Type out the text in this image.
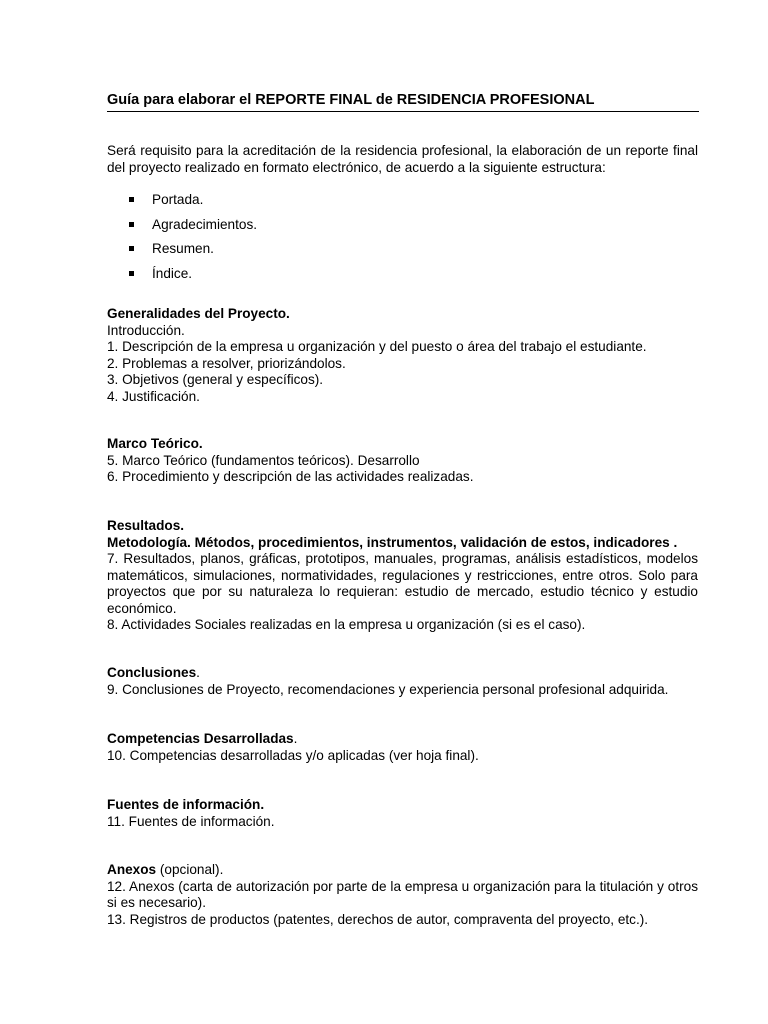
Guía para elaborar el REPORTE FINAL de RESIDENCIA PROFESIONAL

Será requisito para la acreditación de la residencia profesional, la elaboración de un reporte final del proyecto realizado en formato electrónico, de acuerdo a la siguiente estructura:

Portada.
Agradecimientos.
Resumen.
Índice.

Generalidades del Proyecto.

Introducción.

1. Descripción de la empresa u organización y del puesto o área del trabajo el estudiante.

2. Problemas a resolver, priorizándolos.

3. Objetivos (general y específicos).

4. Justificación.

Marco Teórico.

5. Marco Teórico (fundamentos teóricos). Desarrollo

6. Procedimiento y descripción de las actividades realizadas.

Resultados.

Metodología. Métodos, procedimientos, instrumentos, validación de estos, indicadores .

7. Resultados, planos, gráficas, prototipos, manuales, programas, análisis estadísticos, modelos matemáticos, simulaciones, normatividades, regulaciones y restricciones, entre otros. Solo para proyectos que por su naturaleza lo requieran: estudio de mercado, estudio técnico y estudio económico.

8. Actividades Sociales realizadas en la empresa u organización (si es el caso).

Conclusiones.

9. Conclusiones de Proyecto, recomendaciones y experiencia personal profesional adquirida.

Competencias Desarrolladas.

10. Competencias desarrolladas y/o aplicadas (ver hoja final).

Fuentes de información.

11. Fuentes de información.

Anexos (opcional).

12. Anexos (carta de autorización por parte de la empresa u organización para la titulación y otros si es necesario).

13. Registros de productos (patentes, derechos de autor, compraventa del proyecto, etc.).
